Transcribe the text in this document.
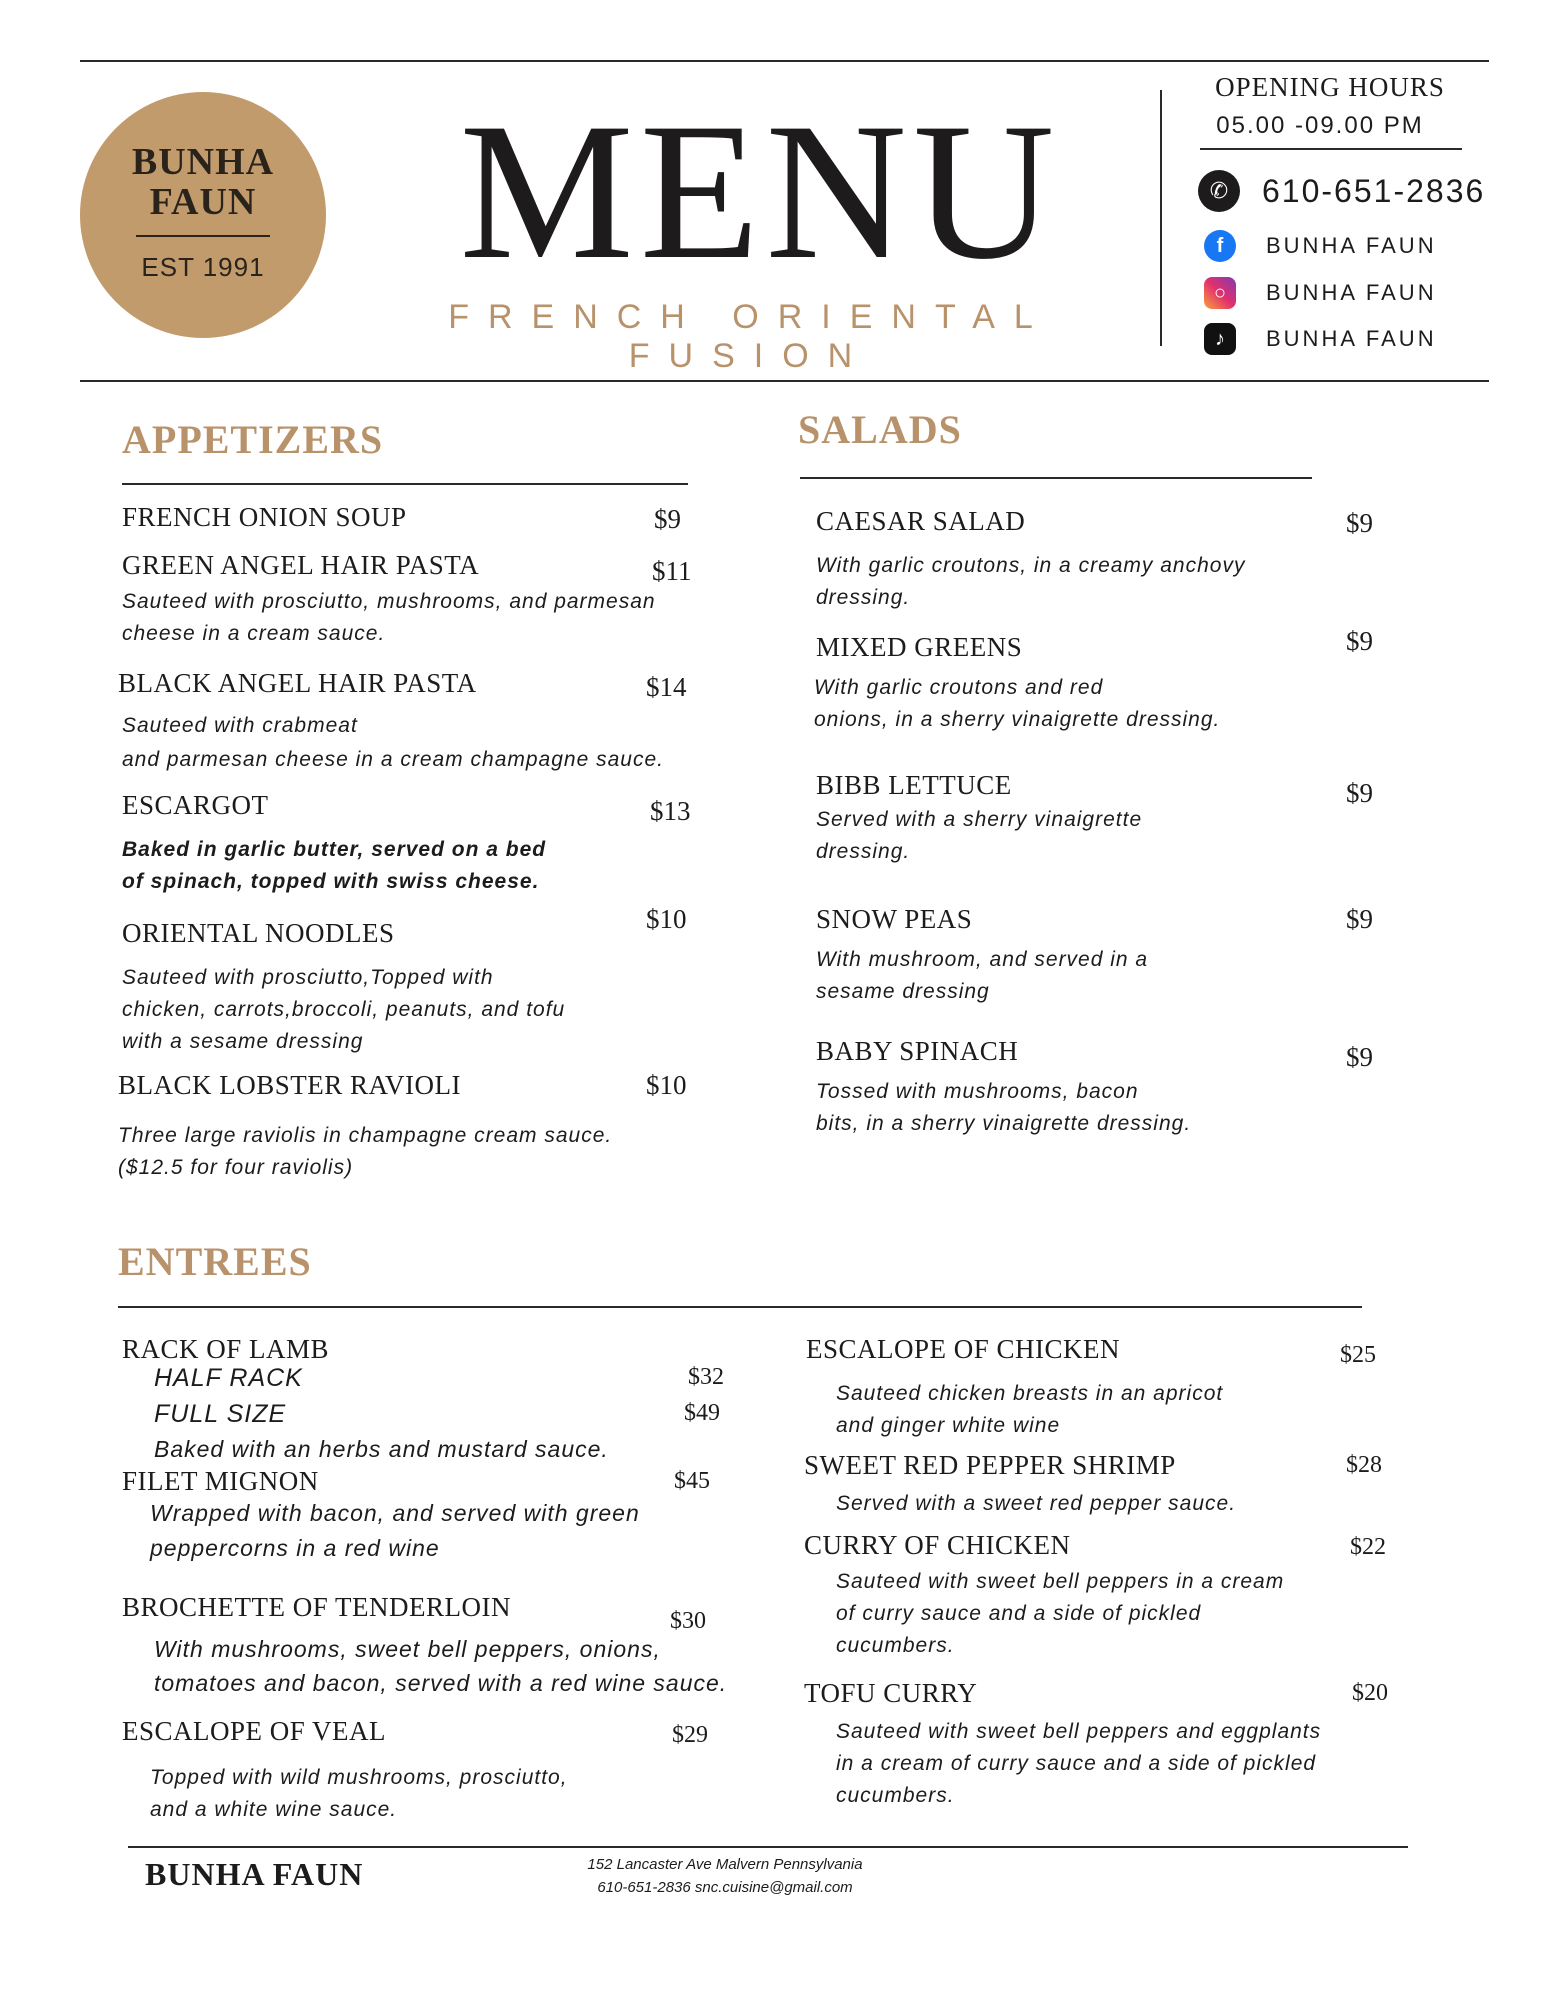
BUNHA
FAUN
EST 1991 MENU
FRENCH ORIENTAL FUSION
OPENING HOURS
05.00 -09.00 PM
✆	610-651-2836
f	BUNHA FAUN
○	BUNHA FAUN
♪	BUNHA FAUN
APPETIZERS
FRENCH ONION SOUP	$9
GREEN ANGEL HAIR PASTA	$11
Sauteed with prosciutto, mushrooms, and parmesan
cheese in a cream sauce.
BLACK ANGEL HAIR PASTA	$14
Sauteed with crabmeat
and parmesan cheese in a cream champagne sauce.
ESCARGOT	$13
Baked in garlic butter, served on a bed
of spinach, topped with swiss cheese.
ORIENTAL NOODLES	$10
Sauteed with prosciutto,Topped with
chicken, carrots,broccoli, peanuts, and tofu
with a sesame dressing
BLACK LOBSTER RAVIOLI	$10
Three large raviolis in champagne cream sauce.
($12.5 for four raviolis)
SALADS
CAESAR SALAD	$9
With garlic croutons, in a creamy anchovy
dressing.
MIXED GREENS	$9
With garlic croutons and red
onions, in a sherry vinaigrette dressing.
BIBB LETTUCE	$9
Served with a sherry vinaigrette
dressing.
SNOW PEAS	$9
With mushroom, and served in a
sesame dressing
BABY SPINACH	$9
Tossed with mushrooms, bacon
bits, in a sherry vinaigrette dressing.
ENTREES
RACK OF LAMB
HALF RACK	$32
FULL SIZE	$49
Baked with an herbs and mustard sauce.
FILET MIGNON	$45
Wrapped with bacon, and served with green
peppercorns in a red wine
BROCHETTE OF TENDERLOIN	$30
With mushrooms, sweet bell peppers, onions,
tomatoes and bacon, served with a red wine sauce.
ESCALOPE OF VEAL	$29
Topped with wild mushrooms, prosciutto,
and a white wine sauce.
ESCALOPE OF CHICKEN	$25
Sauteed chicken breasts in an apricot
and ginger white wine
SWEET RED PEPPER SHRIMP	$28
Served with a sweet red pepper sauce.
CURRY OF CHICKEN	$22
Sauteed with sweet bell peppers in a cream
of curry sauce and a side of pickled
cucumbers.
TOFU CURRY	$20
Sauteed with sweet bell peppers and eggplants
in a cream of curry sauce and a side of pickled
cucumbers.
BUNHA FAUN	152 Lancaster Ave Malvern Pennsylvania
610-651-2836 snc.cuisine@gmail.com
